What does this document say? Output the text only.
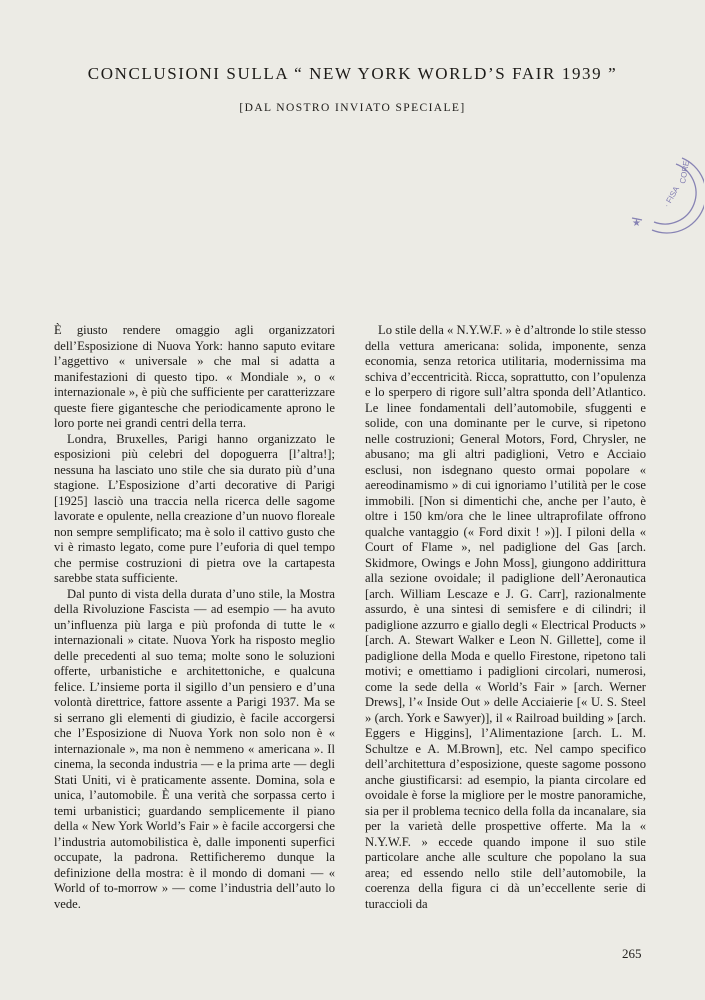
CONCLUSIONI SULLA “ NEW YORK WORLD’S FAIR 1939 ”
[DAL NOSTRO INVIATO SPECIALE]
· FISA
CORE
★

È giusto rendere omaggio agli organizzatori dell’Esposizione di Nuova York: hanno saputo evitare l’aggettivo « universale » che mal si adatta a manifestazioni di questo tipo. « Mondiale », o « internazionale », è più che sufficiente per caratterizzare queste fiere gigantesche che periodicamente aprono le loro porte nei grandi centri della terra.

Londra, Bruxelles, Parigi hanno organizzato le esposizioni più celebri del dopoguerra [l’altra!]; nessuna ha lasciato uno stile che sia durato più d’una stagione. L’Esposizione d’arti decorative di Parigi [1925] lasciò una traccia nella ricerca delle sagome lavorate e opulente, nella creazione d’un nuovo floreale non sempre semplificato; ma è solo il cattivo gusto che vi è rimasto legato, come pure l’euforia di quel tempo che permise costruzioni di pietra ove la cartapesta sarebbe stata sufficiente.

Dal punto di vista della durata d’uno stile, la Mostra della Rivoluzione Fascista — ad esempio — ha avuto un’influenza più larga e più profonda di tutte le « internazionali » citate. Nuova York ha risposto meglio delle precedenti al suo tema; molte sono le soluzioni offerte, urbanistiche e architettoniche, e qualcuna felice. L’insieme porta il sigillo d’un pensiero e d’una volontà direttrice, fattore assente a Parigi 1937. Ma se si serrano gli elementi di giudizio, è facile accorgersi che l’Esposizione di Nuova York non solo non è « internazionale », ma non è nemmeno « americana ». Il cinema, la seconda industria — e la prima arte — degli Stati Uniti, vi è praticamente assente. Domina, sola e unica, l’automobile. È una verità che sorpassa certo i temi urbanistici; guardando semplicemente il piano della « New York World’s Fair » è facile accorgersi che l’industria automobilistica è, dalle imponenti superfici occupate, la padrona. Rettificheremo dunque la definizione della mostra: è il mondo di domani — « World of to-morrow » — come l’industria dell’auto lo vede.

Lo stile della « N.Y.W.F. » è d’altronde lo stile stesso della vettura americana: solida, imponente, senza economia, senza retorica utilitaria, modernissima ma schiva d’eccentricità. Ricca, soprattutto, con l’opulenza e lo sperpero di rigore sull’altra sponda dell’Atlantico. Le linee fondamentali dell’automobile, sfuggenti e solide, con una dominante per le curve, si ripetono nelle costruzioni; General Motors, Ford, Chrysler, ne abusano; ma gli altri padiglioni, Vetro e Acciaio esclusi, non isdegnano questo ormai popolare « aereodinamismo » di cui ignoriamo l’utilità per le cose immobili. [Non si dimentichi che, anche per l’auto, è oltre i 150 km/ora che le linee ultraprofilate offrono qualche vantaggio (« Ford dixit ! »)]. I piloni della « Court of Flame », nel padiglione del Gas [arch. Skidmore, Owings e John Moss], giungono addirittura alla sezione ovoidale; il padiglione dell’Aeronautica [arch. William Lescaze e J. G. Carr], razionalmente assurdo, è una sintesi di semisfere e di cilindri; il padiglione azzurro e giallo degli « Electrical Products » [arch. A. Stewart Walker e Leon N. Gillette], come il padiglione della Moda e quello Firestone, ripetono tali motivi; e omettiamo i padiglioni circolari, numerosi, come la sede della « World’s Fair » [arch. Werner Drews], l’« Inside Out » delle Acciaierie [« U. S. Steel » (arch. York e Sawyer)], il « Railroad building » [arch. Eggers e Higgins], l’Alimentazione [arch. L. M. Schultze e A. M.Brown], etc. Nel campo specifico dell’architettura d’esposizione, queste sagome possono anche giustificarsi: ad esempio, la pianta circolare ed ovoidale è forse la migliore per le mostre panoramiche, sia per il problema tecnico della folla da incanalare, sia per la varietà delle prospettive offerte. Ma la « N.Y.W.F. » eccede quando impone il suo stile particolare anche alle sculture che popolano la sua area; ed essendo nello stile dell’automobile, la coerenza della figura ci dà un’eccellente serie di turaccioli da

265
